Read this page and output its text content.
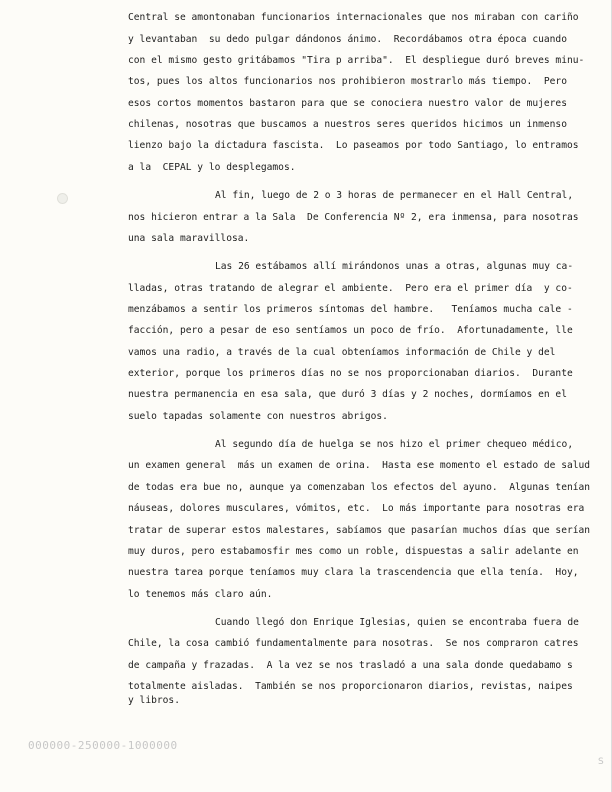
Central se amontonaban funcionarios internacionales que nos miraban con cariño
y levantaban  su dedo pulgar dándonos ánimo.  Recordábamos otra época cuando
con el mismo gesto gritábamos "Tira p arriba".  El despliegue duró breves minu-
tos, pues los altos funcionarios nos prohibieron mostrarlo más tiempo.  Pero
esos cortos momentos bastaron para que se conociera nuestro valor de mujeres
chilenas, nosotras que buscamos a nuestros seres queridos hicimos un inmenso
lienzo bajo la dictadura fascista.  Lo paseamos por todo Santiago, lo entramos
a la  CEPAL y lo desplegamos.
Al fin, luego de 2 o 3 horas de permanecer en el Hall Central,
nos hicieron entrar a la Sala  De Conferencia Nº 2, era inmensa, para nosotras
una sala maravillosa.
Las 26 estábamos allí mirándonos unas a otras, algunas muy ca-
lladas, otras tratando de alegrar el ambiente.  Pero era el primer día  y co-
menzábamos a sentir los primeros síntomas del hambre.   Teníamos mucha cale -
facción, pero a pesar de eso sentíamos un poco de frío.  Afortunadamente, lle
vamos una radio, a través de la cual obteníamos información de Chile y del
exterior, porque los primeros días no se nos proporcionaban diarios.  Durante
nuestra permanencia en esa sala, que duró 3 días y 2 noches, dormíamos en el
suelo tapadas solamente con nuestros abrigos.
Al segundo día de huelga se nos hizo el primer chequeo médico,
un examen general  más un examen de orina.  Hasta ese momento el estado de salud
de todas era bue no, aunque ya comenzaban los efectos del ayuno.  Algunas tenían
náuseas, dolores musculares, vómitos, etc.  Lo más importante para nosotras era
tratar de superar estos malestares, sabíamos que pasarían muchos días que serían
muy duros, pero estabamosfir mes como un roble, dispuestas a salir adelante en
nuestra tarea porque teníamos muy clara la trascendencia que ella tenía.  Hoy,
lo tenemos más claro aún.
Cuando llegó don Enrique Iglesias, quien se encontraba fuera de
Chile, la cosa cambió fundamentalmente para nosotras.  Se nos compraron catres
de campaña y frazadas.  A la vez se nos trasladó a una sala donde quedabamo s
totalmente aisladas.  También se nos proporcionaron diarios, revistas, naipes
y libros.
000000-250000-1000000
S
